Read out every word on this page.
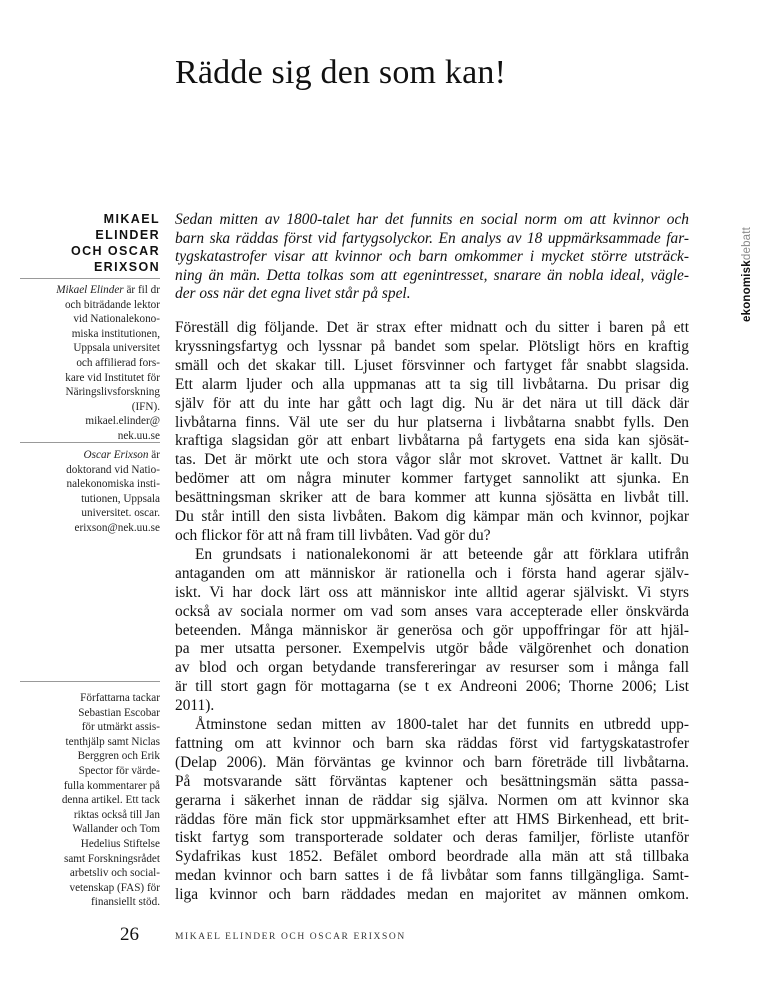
Rädde sig den som kan!
MIKAEL
ELINDER
OCH OSCAR
ERIXSON
Mikael Elinder är fil dr
och biträdande lektor
vid Nationalekono-
miska institutionen,
Uppsala universitet
och affilierad fors-
kare vid Institutet för
Näringslivsforskning
(IFN).
mikael.elinder@
nek.uu.se
Oscar Erixson är
doktorand vid Natio-
nalekonomiska insti-
tutionen, Uppsala
universitet. oscar.
erixson@nek.uu.se
Författarna tackar
Sebastian Escobar
för utmärkt assis-
tenthjälp samt Niclas
Berggren och Erik
Spector för värde-
fulla kommentarer på
denna artikel. Ett tack
riktas också till Jan
Wallander och Tom
Hedelius Stiftelse
samt Forskningsrådet
arbetsliv och social-
vetenskap (FAS) för
finansiellt stöd.
ekonomiskdebatt
Sedan mitten av 1800-talet har det funnits en social norm om att kvinnor och
barn ska räddas först vid fartygsolyckor. En analys av 18 uppmärksammade far-
tygskatastrofer visar att kvinnor och barn omkommer i mycket större utsträck-
ning än män. Detta tolkas som att egenintresset, snarare än nobla ideal, vägle-
der oss när det egna livet står på spel.
Föreställ dig följande. Det är strax efter midnatt och du sitter i baren på ett
kryssningsfartyg och lyssnar på bandet som spelar. Plötsligt hörs en kraftig
smäll och det skakar till. Ljuset försvinner och fartyget får snabbt slagsida.
Ett alarm ljuder och alla uppmanas att ta sig till livbåtarna. Du prisar dig
själv för att du inte har gått och lagt dig. Nu är det nära ut till däck där
livbåtarna finns. Väl ute ser du hur platserna i livbåtarna snabbt fylls. Den
kraftiga slagsidan gör att enbart livbåtarna på fartygets ena sida kan sjösät-
tas. Det är mörkt ute och stora vågor slår mot skrovet. Vattnet är kallt. Du
bedömer att om några minuter kommer fartyget sannolikt att sjunka. En
besättningsman skriker att de bara kommer att kunna sjösätta en livbåt till.
Du står intill den sista livbåten. Bakom dig kämpar män och kvinnor, pojkar
och flickor för att nå fram till livbåten. Vad gör du?
En grundsats i nationalekonomi är att beteende går att förklara utifrån
antaganden om att människor är rationella och i första hand agerar själv-
iskt. Vi har dock lärt oss att människor inte alltid agerar själviskt. Vi styrs
också av sociala normer om vad som anses vara accepterade eller önskvärda
beteenden. Många människor är generösa och gör uppoffringar för att hjäl-
pa mer utsatta personer. Exempelvis utgör både välgörenhet och donation
av blod och organ betydande transfereringar av resurser som i många fall
är till stort gagn för mottagarna (se t ex Andreoni 2006; Thorne 2006; List
2011).
Åtminstone sedan mitten av 1800-talet har det funnits en utbredd upp-
fattning om att kvinnor och barn ska räddas först vid fartygskatastrofer
(Delap 2006). Män förväntas ge kvinnor och barn företräde till livbåtarna.
På motsvarande sätt förväntas kaptener och besättningsmän sätta passa-
gerarna i säkerhet innan de räddar sig själva. Normen om att kvinnor ska
räddas före män fick stor uppmärksamhet efter att HMS Birkenhead, ett brit-
tiskt fartyg som transporterade soldater och deras familjer, förliste utanför
Sydafrikas kust 1852. Befälet ombord beordrade alla män att stå tillbaka
medan kvinnor och barn sattes i de få livbåtar som fanns tillgängliga. Samt-
liga kvinnor och barn räddades medan en majoritet av männen omkom.
26	MIKAEL ELINDER OCH OSCAR ERIXSON
